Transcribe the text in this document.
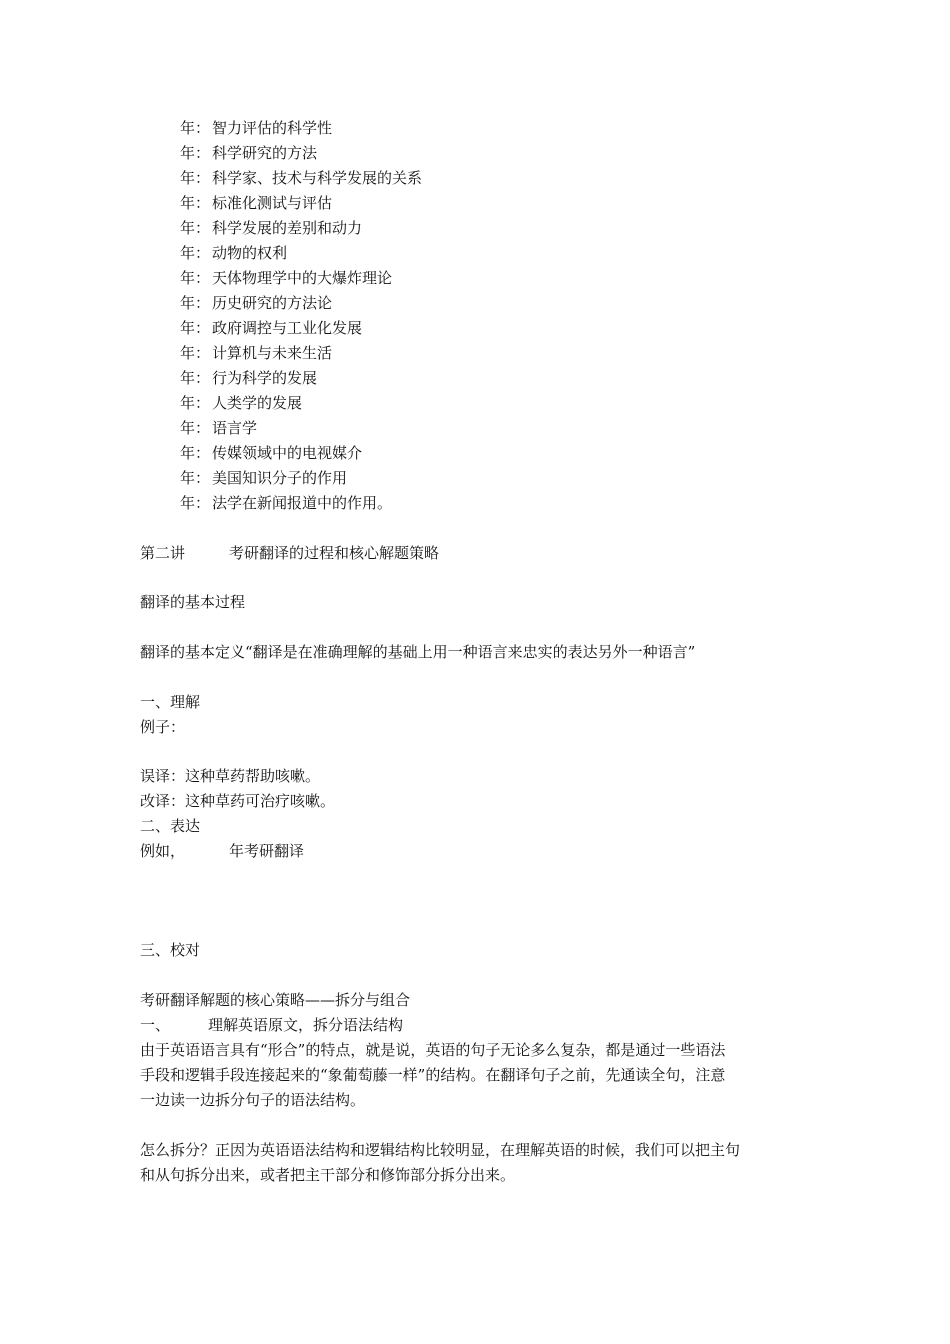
年： 智力评估的科学性
年： 科学研究的方法
年： 科学家、技术与科学发展的关系
年： 标准化测试与评估
年： 科学发展的差别和动力
年： 动物的权利
年： 天体物理学中的大爆炸理论
年： 历史研究的方法论
年： 政府调控与工业化发展
年： 计算机与未来生活
年： 行为科学的发展
年： 人类学的发展
年： 语言学
年： 传媒领域中的电视媒介
年： 美国知识分子的作用
年： 法学在新闻报道中的作用。
第二讲	考研翻译的过程和核心解题策略
翻译的基本过程
翻译的基本定义“翻译是在准确理解的基础上用一种语言来忠实的表达另外一种语言”
一、理解
例子：
误译：这种草药帮助咳嗽。
改译：这种草药可治疗咳嗽。
二、表达
例如，	年考研翻译
三、校对
考研翻译解题的核心策略——拆分与组合
一、	理解英语原文，拆分语法结构
由于英语语言具有“形合”的特点，就是说，英语的句子无论多么复杂，都是通过一些语法
手段和逻辑手段连接起来的“象葡萄藤一样”的结构。在翻译句子之前，先通读全句，注意
一边读一边拆分句子的语法结构。
怎么拆分？正因为英语语法结构和逻辑结构比较明显，在理解英语的时候，我们可以把主句
和从句拆分出来，或者把主干部分和修饰部分拆分出来。
